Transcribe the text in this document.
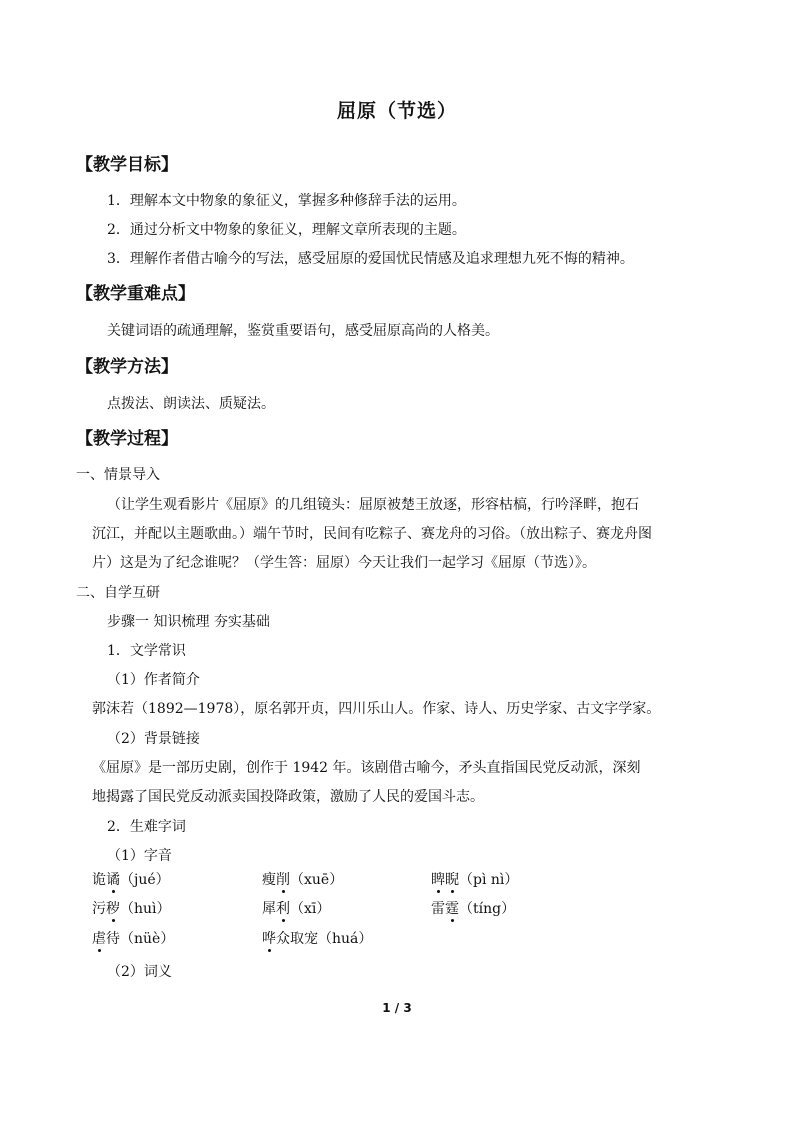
屈原（节选）
【教学目标】
1．理解本文中物象的象征义，掌握多种修辞手法的运用。
2．通过分析文中物象的象征义，理解文章所表现的主题。
3．理解作者借古喻今的写法，感受屈原的爱国忧民情感及追求理想九死不悔的精神。
【教学重难点】
关键词语的疏通理解，鉴赏重要语句，感受屈原高尚的人格美。
【教学方法】
点拨法、朗读法、质疑法。
【教学过程】
一、情景导入
（让学生观看影片《屈原》的几组镜头：屈原被楚王放逐，形容枯槁，行吟泽畔，抱石
沉江，并配以主题歌曲。）端午节时，民间有吃粽子、赛龙舟的习俗。（放出粽子、赛龙舟图
片）这是为了纪念谁呢？（学生答：屈原）今天让我们一起学习《屈原（节选）》。
二、自学互研
步骤一 知识梳理 夯实基础
1．文学常识
（1）作者简介
郭沫若（1892—1978），原名郭开贞，四川乐山人。作家、诗人、历史学家、古文字学家。
（2）背景链接
《屈原》是一部历史剧，创作于 1942 年。该剧借古喻今，矛头直指国民党反动派，深刻
地揭露了国民党反动派卖国投降政策，激励了人民的爱国斗志。
2．生难字词
（1）字音
诡谲（jué）	瘦削（xuē）	睥睨（pì nì）
污秽（huì）	犀利（xī）	雷霆（tíng）
虐待（nüè）	哗众取宠（huá）
（2）词义
1 / 3
